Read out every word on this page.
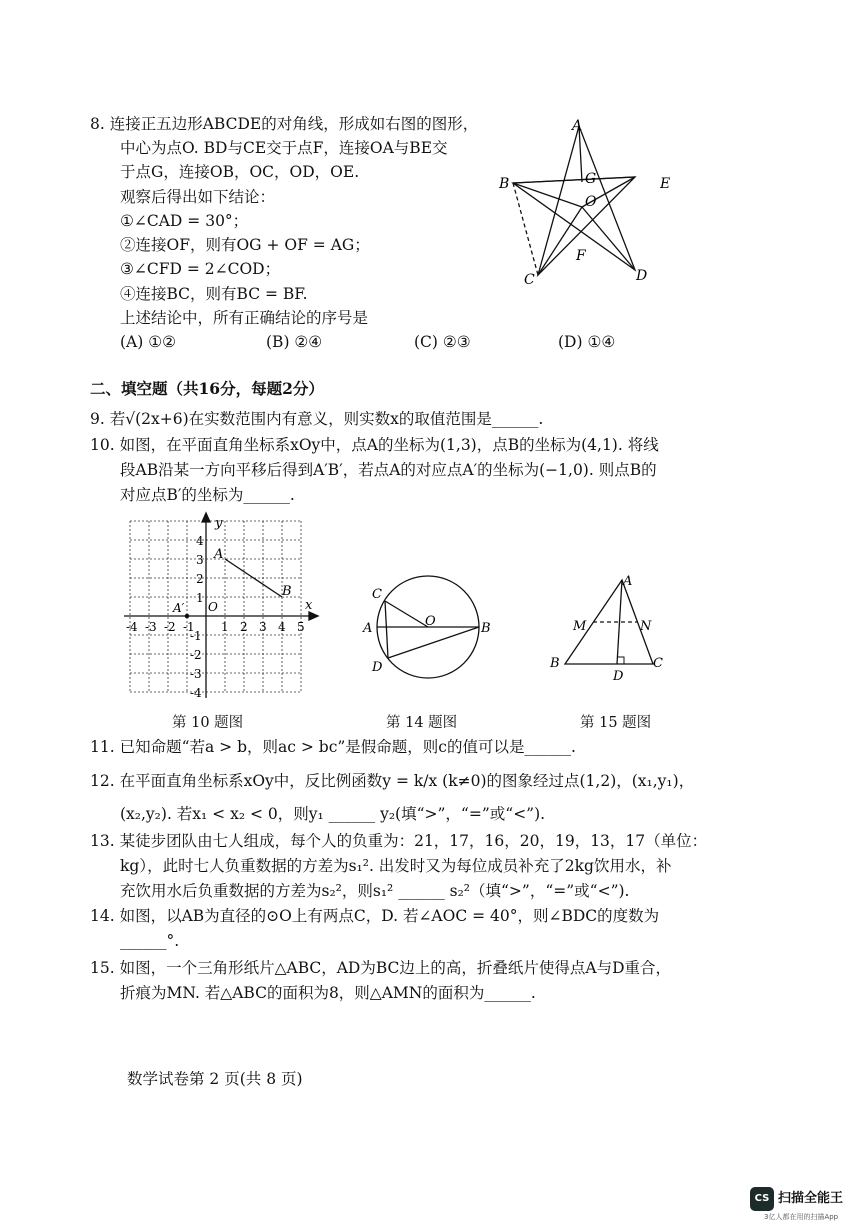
8. 连接正五边形ABCDE的对角线，形成如右图的图形，
中心为点O. BD与CE交于点F，连接OA与BE交
于点G，连接OB，OC，OD，OE.
观察后得出如下结论：
①∠CAD = 30°；
②连接OF，则有OG + OF = AG；
③∠CFD = 2∠COD；
④连接BC，则有BC = BF.
上述结论中，所有正确结论的序号是
(A) ①②	(B) ②④	(C) ②③	(D) ①④
A
B
C	D
E
G
O
F
二、填空题（共16分，每题2分）
9. 若√(2x+6)在实数范围内有意义，则实数x的取值范围是______.
10. 如图，在平面直角坐标系xOy中，点A的坐标为(1,3)，点B的坐标为(4,1). 将线
段AB沿某一方向平移后得到A′B′，若点A的对应点A′的坐标为(−1,0). 则点B的
对应点B′的坐标为______.
y
x
O
A
B
A′
-4 -3 -2 -1 1 2 3 4 5
4
3
2
1
-1
-2
-3
-4
C
A	O	B
D
A
M	N
B
D
C
第 10 题图	第 14 题图	第 15 题图
11. 已知命题“若a > b，则ac > bc”是假命题，则c的值可以是______.
12. 在平面直角坐标系xOy中，反比例函数y = k/x (k≠0)的图象经过点(1,2)，(x₁,y₁)，
(x₂,y₂). 若x₁ < x₂ < 0，则y₁ ______ y₂(填“>”，“=”或“<”).
13. 某徒步团队由七人组成，每个人的负重为：21，17，16，20，19，13，17（单位：
kg），此时七人负重数据的方差为s₁². 出发时又为每位成员补充了2kg饮用水，补
充饮用水后负重数据的方差为s₂²，则s₁² ______ s₂²（填“>”，“=”或“<”).
14. 如图，以AB为直径的⊙O上有两点C，D. 若∠AOC = 40°，则∠BDC的度数为
______°.
15. 如图，一个三角形纸片△ABC，AD为BC边上的高，折叠纸片使得点A与D重合，
折痕为MN. 若△ABC的面积为8，则△AMN的面积为______.
数学试卷第 2 页(共 8 页)
CS 扫描全能王
3亿人都在用的扫描App
